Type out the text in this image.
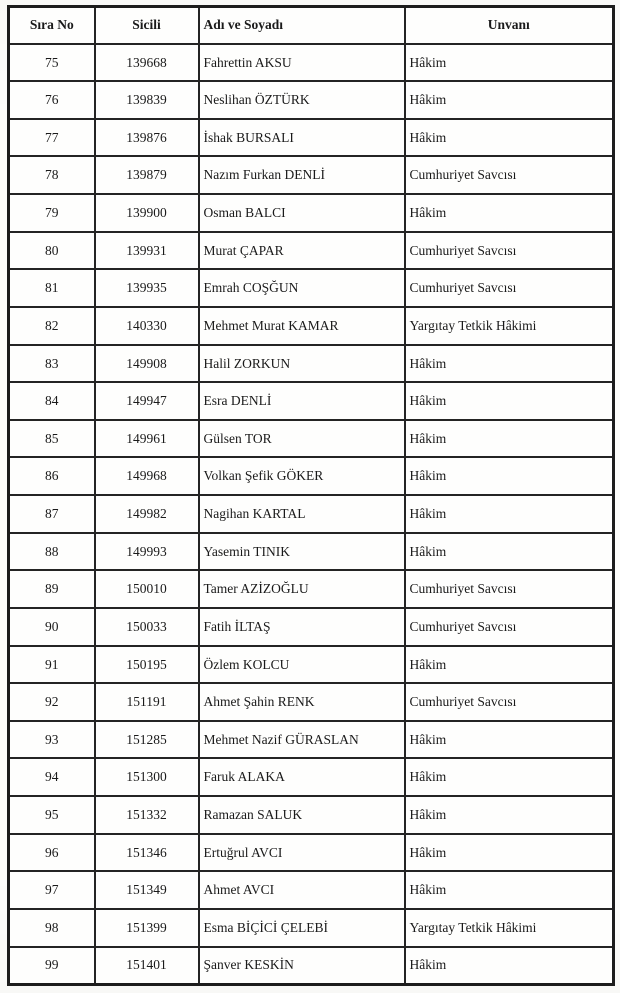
Sıra No	Sicili	Adı ve Soyadı	Unvanı
75	139668	Fahrettin AKSU	Hâkim
76	139839	Neslihan ÖZTÜRK	Hâkim
77	139876	İshak BURSALI	Hâkim
78	139879	Nazım Furkan DENLİ	Cumhuriyet Savcısı
79	139900	Osman BALCI	Hâkim
80	139931	Murat ÇAPAR	Cumhuriyet Savcısı
81	139935	Emrah COŞĞUN	Cumhuriyet Savcısı
82	140330	Mehmet Murat KAMAR	Yargıtay Tetkik Hâkimi
83	149908	Halil ZORKUN	Hâkim
84	149947	Esra DENLİ	Hâkim
85	149961	Gülsen TOR	Hâkim
86	149968	Volkan Şefik GÖKER	Hâkim
87	149982	Nagihan KARTAL	Hâkim
88	149993	Yasemin TINIK	Hâkim
89	150010	Tamer AZİZOĞLU	Cumhuriyet Savcısı
90	150033	Fatih İLTAŞ	Cumhuriyet Savcısı
91	150195	Özlem KOLCU	Hâkim
92	151191	Ahmet Şahin RENK	Cumhuriyet Savcısı
93	151285	Mehmet Nazif GÜRASLAN	Hâkim
94	151300	Faruk ALAKA	Hâkim
95	151332	Ramazan SALUK	Hâkim
96	151346	Ertuğrul AVCI	Hâkim
97	151349	Ahmet AVCI	Hâkim
98	151399	Esma BİÇİCİ ÇELEBİ	Yargıtay Tetkik Hâkimi
99	151401	Şanver KESKİN	Hâkim
